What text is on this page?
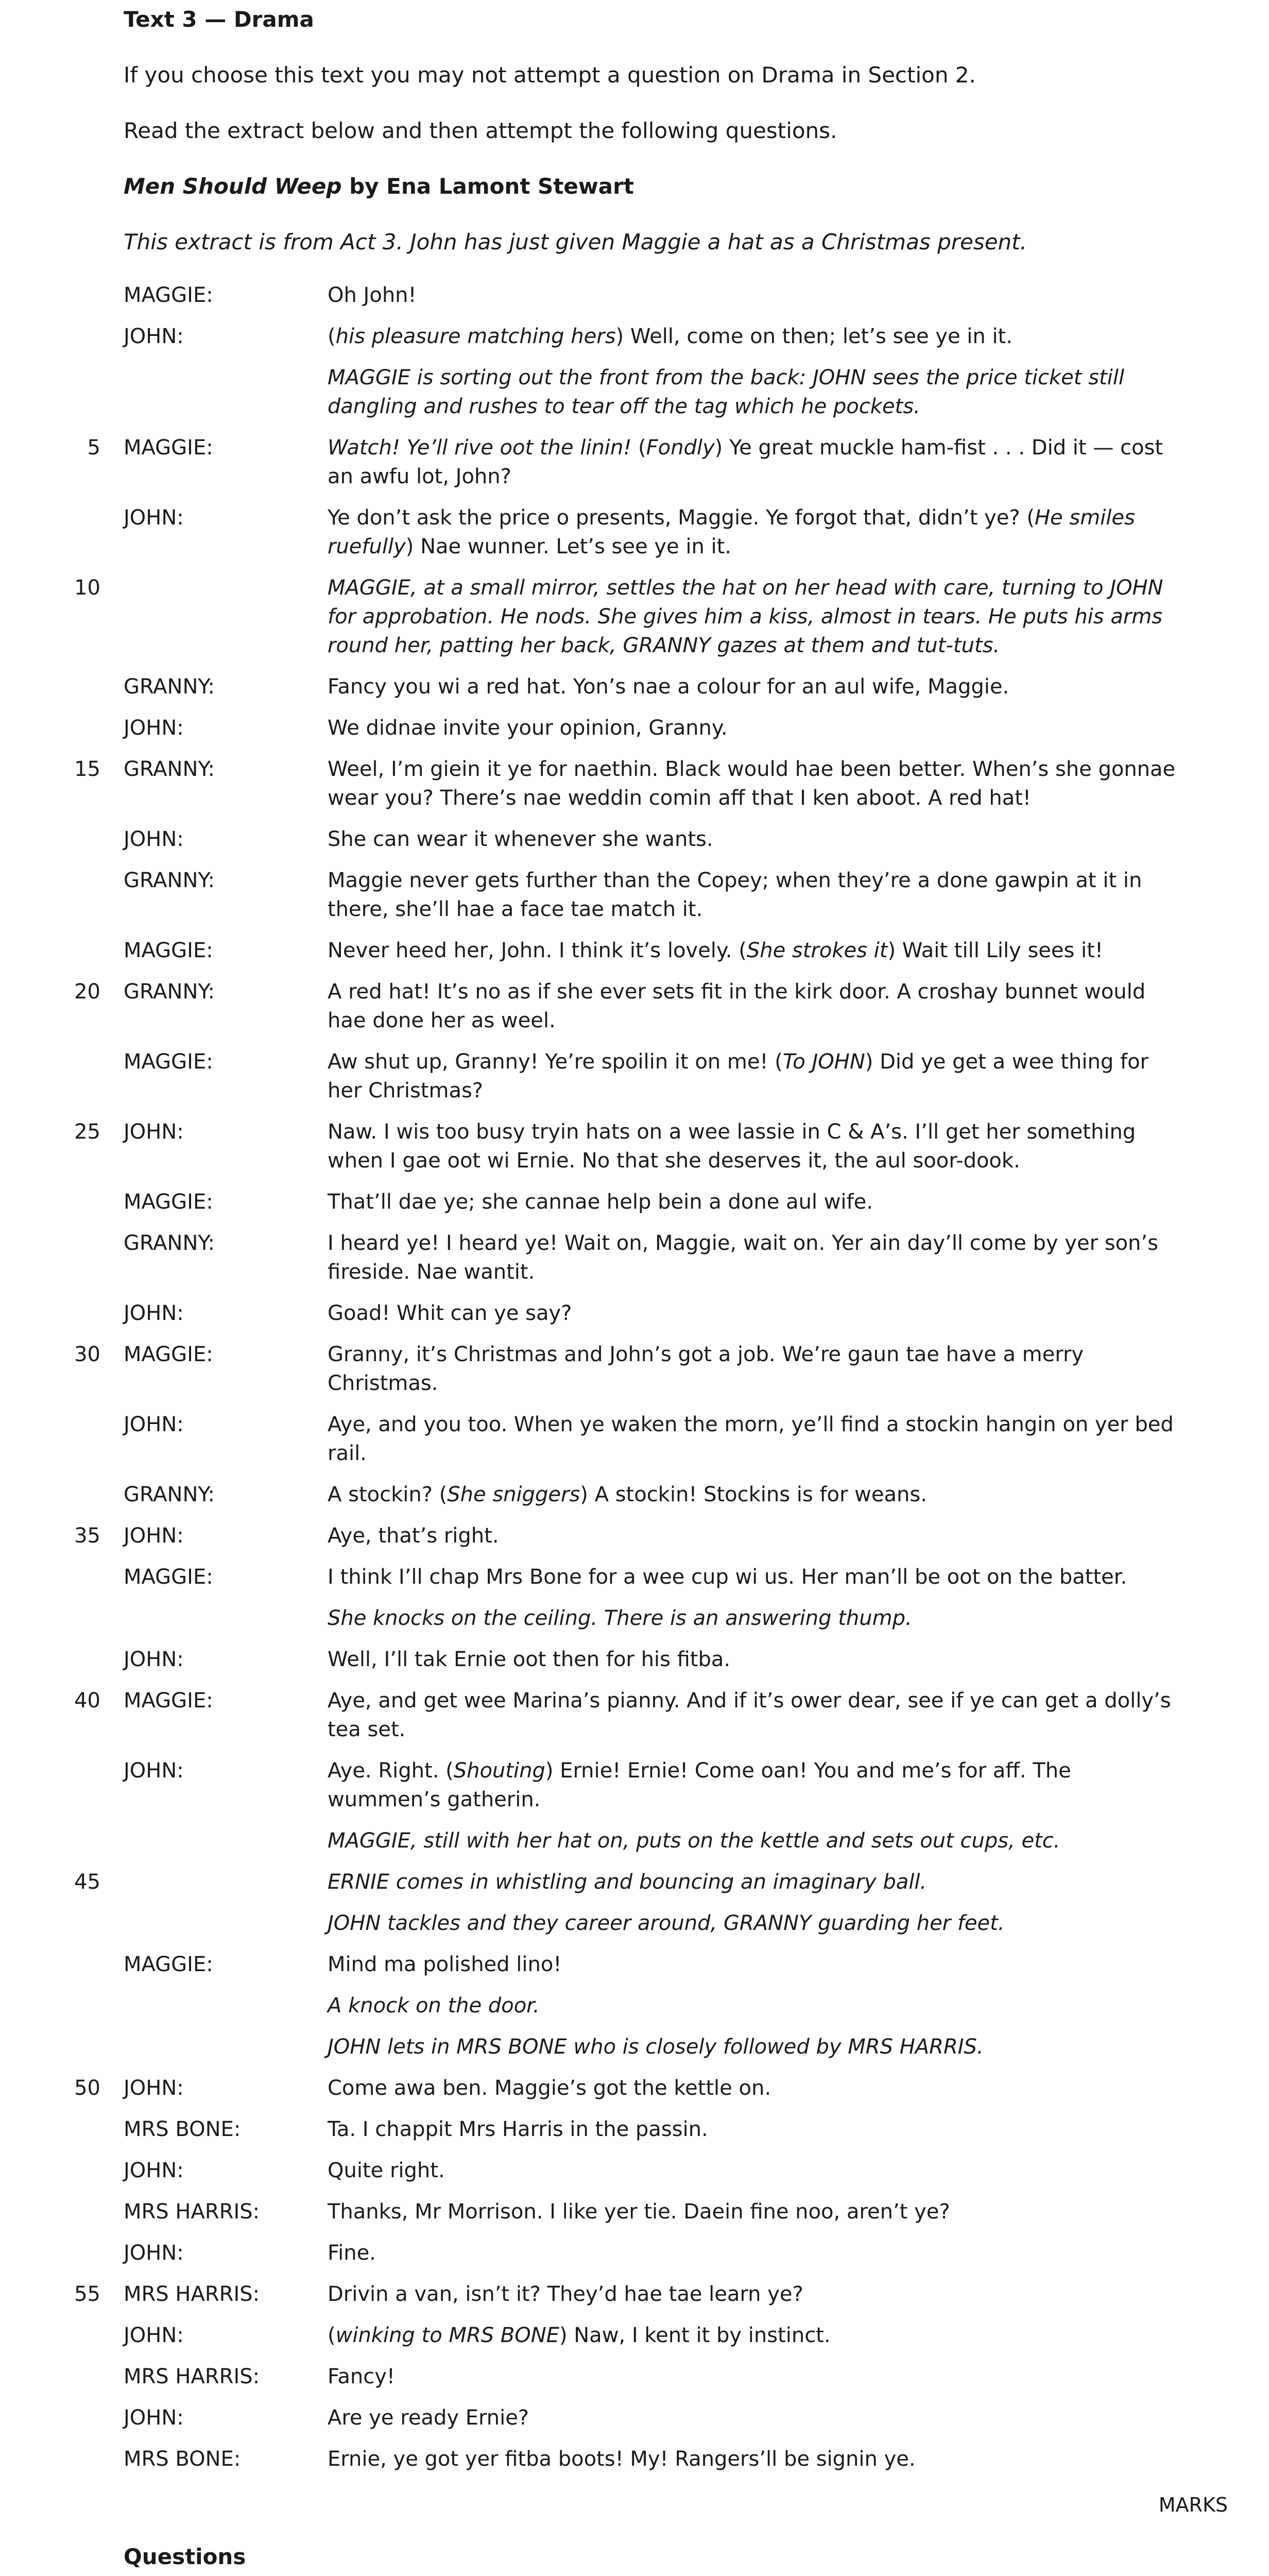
Text 3 — Drama
If you choose this text you may not attempt a question on Drama in Section 2.
Read the extract below and then attempt the following questions.
Men Should Weep by Ena Lamont Stewart
This extract is from Act 3. John has just given Maggie a hat as a Christmas present.
MAGGIE:	Oh John!
JOHN:	(his pleasure matching hers) Well, come on then; let’s see ye in it.
MAGGIE is sorting out the front from the back: JOHN sees the price ticket still dangling and rushes to tear off the tag which he pockets.
5 MAGGIE:	Watch! Ye’ll rive oot the linin! (Fondly) Ye great muckle ham-fist . . . Did it — cost an awfu lot, John?
JOHN:	Ye don’t ask the price o presents, Maggie. Ye forgot that, didn’t ye? (He smiles ruefully) Nae wunner. Let’s see ye in it.
10	MAGGIE, at a small mirror, settles the hat on her head with care, turning to JOHN for approbation. He nods. She gives him a kiss, almost in tears. He puts his arms round her, patting her back, GRANNY gazes at them and tut-tuts.
GRANNY:	Fancy you wi a red hat. Yon’s nae a colour for an aul wife, Maggie.
JOHN:	We didnae invite your opinion, Granny.
15 GRANNY:	Weel, I’m giein it ye for naethin. Black would hae been better. When’s she gonnae wear you? There’s nae weddin comin aff that I ken aboot. A red hat!
JOHN:	She can wear it whenever she wants.
GRANNY:	Maggie never gets further than the Copey; when they’re a done gawpin at it in there, she’ll hae a face tae match it.
MAGGIE:	Never heed her, John. I think it’s lovely. (She strokes it) Wait till Lily sees it!
20 GRANNY:	A red hat! It’s no as if she ever sets fit in the kirk door. A croshay bunnet would hae done her as weel.
MAGGIE:	Aw shut up, Granny! Ye’re spoilin it on me! (To JOHN) Did ye get a wee thing for her Christmas?
25 JOHN:	Naw. I wis too busy tryin hats on a wee lassie in C & A’s. I’ll get her something when I gae oot wi Ernie. No that she deserves it, the aul soor-dook.
MAGGIE:	That’ll dae ye; she cannae help bein a done aul wife.
GRANNY:	I heard ye! I heard ye! Wait on, Maggie, wait on. Yer ain day’ll come by yer son’s fireside. Nae wantit.
JOHN:	Goad! Whit can ye say?
30 MAGGIE:	Granny, it’s Christmas and John’s got a job. We’re gaun tae have a merry Christmas.
JOHN:	Aye, and you too. When ye waken the morn, ye’ll find a stockin hangin on yer bed rail.
GRANNY:	A stockin? (She sniggers) A stockin! Stockins is for weans.
35 JOHN:	Aye, that’s right.
MAGGIE:	I think I’ll chap Mrs Bone for a wee cup wi us. Her man’ll be oot on the batter.
She knocks on the ceiling. There is an answering thump.
JOHN:	Well, I’ll tak Ernie oot then for his fitba.
40 MAGGIE:	Aye, and get wee Marina’s pianny. And if it’s ower dear, see if ye can get a dolly’s tea set.
JOHN:	Aye. Right. (Shouting) Ernie! Ernie! Come oan! You and me’s for aff. The wummen’s gatherin.
MAGGIE, still with her hat on, puts on the kettle and sets out cups, etc.
45	ERNIE comes in whistling and bouncing an imaginary ball.
JOHN tackles and they career around, GRANNY guarding her feet.
MAGGIE:	Mind ma polished lino!
A knock on the door.
JOHN lets in MRS BONE who is closely followed by MRS HARRIS.
50 JOHN:	Come awa ben. Maggie’s got the kettle on.
MRS BONE:	Ta. I chappit Mrs Harris in the passin.
JOHN:	Quite right.
MRS HARRIS:	Thanks, Mr Morrison. I like yer tie. Daein fine noo, aren’t ye?
JOHN:	Fine.
55 MRS HARRIS:	Drivin a van, isn’t it? They’d hae tae learn ye?
JOHN:	(winking to MRS BONE) Naw, I kent it by instinct.
MRS HARRIS:	Fancy!
JOHN:	Are ye ready Ernie?
MRS BONE:	Ernie, ye got yer fitba boots! My! Rangers’ll be signin ye.
MARKS
Questions
